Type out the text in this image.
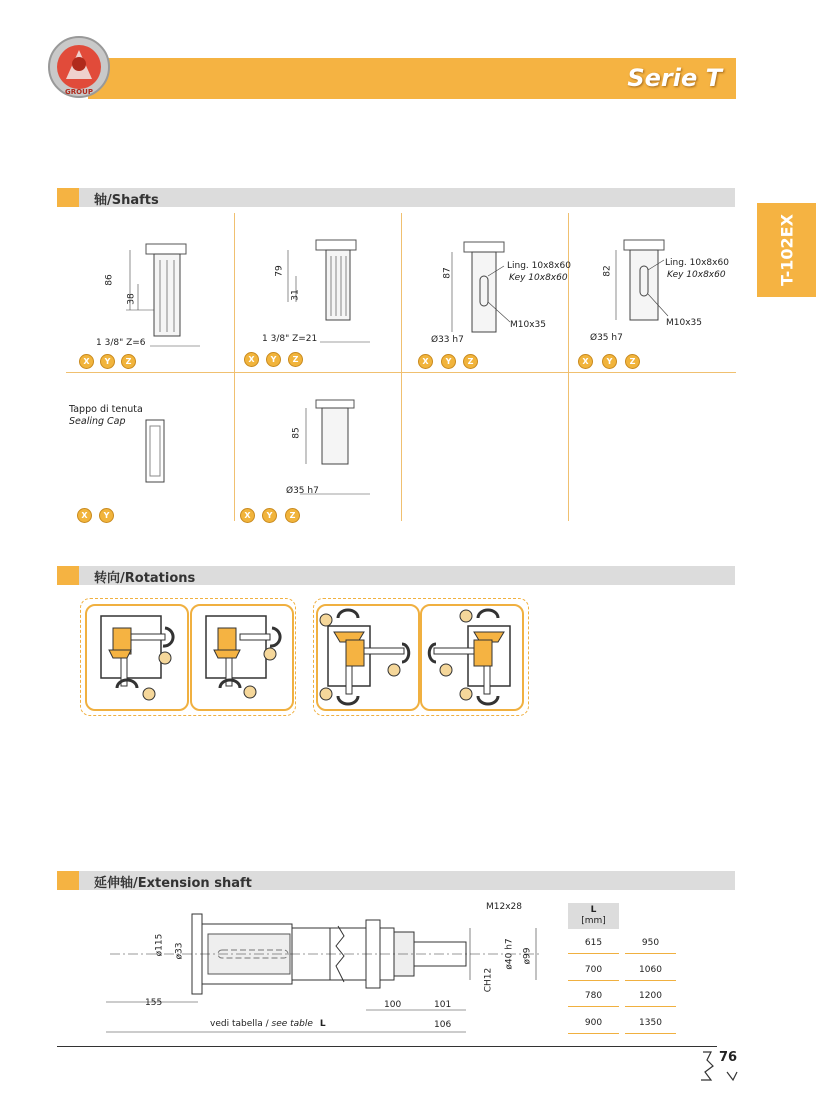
Serie T
GROUP
T-102EX
轴/Shafts
86
38
1 3/8" Z=6
X	Y	Z
79
31
1 3/8" Z=21
X	Y	Z
87
Ling. 10x8x60
Key 10x8x60
M10x35
Ø33 h7
X	Y	Z
82
Ling. 10x8x60
Key 10x8x60
M10x35
Ø35 h7
X	Y	Z
Tappo di tenuta
Sealing Cap
X	Y
85
Ø35 h7
X	Y	Z
转向/Rotations
延伸轴/Extension shaft
ø115 ø33
M12x28
ø40 h7 ø99
CH12
155	100	101
106
vedi tabella / see table L
L
[mm]
615	950
700	1060
780	1200
900	1350
76
